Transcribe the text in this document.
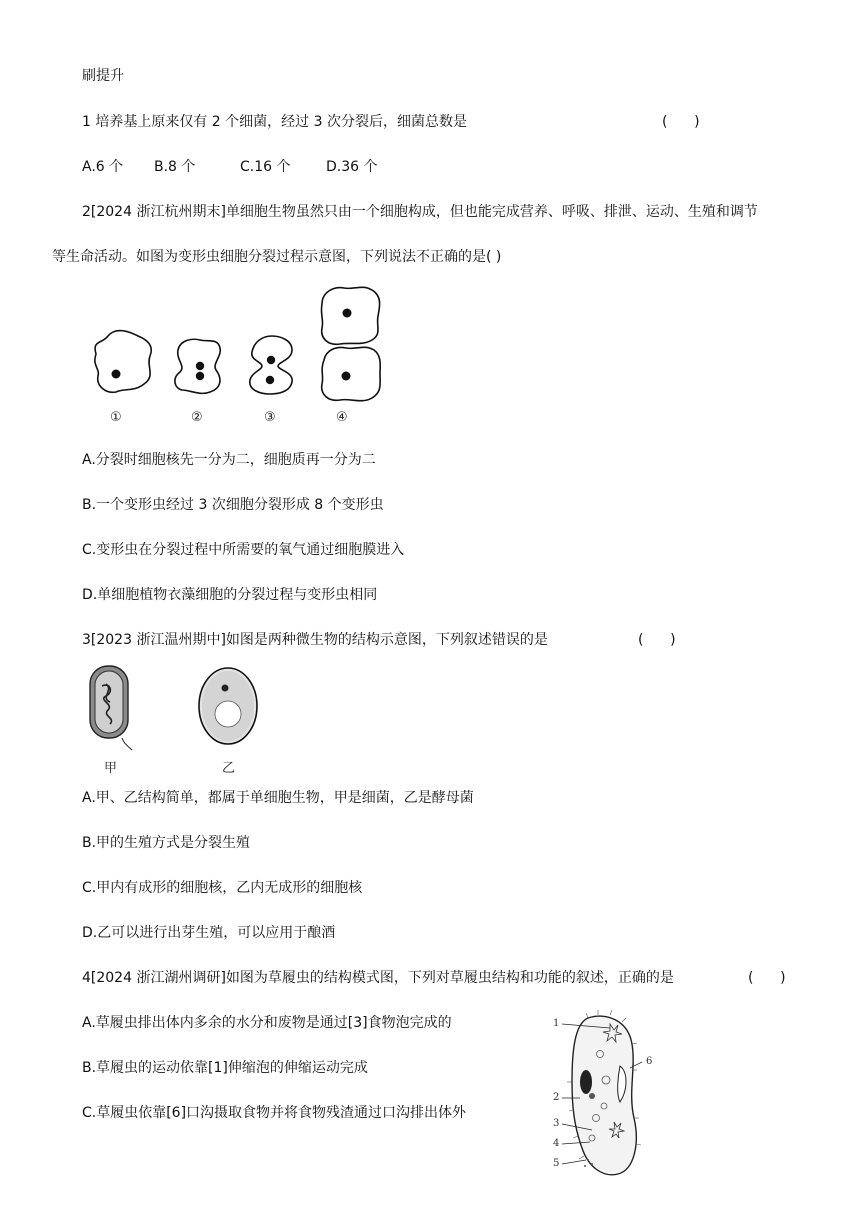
刷提升
1 培养基上原来仅有 2 个细菌，经过 3 次分裂后，细菌总数是	(      )
A.6 个 B.8 个	C.16 个	D.36 个
2[2024 浙江杭州期末]单细胞生物虽然只由一个细胞构成，但也能完成营养、呼吸、排泄、运动、生殖和调节
等生命活动。如图为变形虫细胞分裂过程示意图，下列说法不正确的是( )
①	②	③	④
A.分裂时细胞核先一分为二，细胞质再一分为二
B.一个变形虫经过 3 次细胞分裂形成 8 个变形虫
C.变形虫在分裂过程中所需要的氧气通过细胞膜进入
D.单细胞植物衣藻细胞的分裂过程与变形虫相同
3[2023 浙江温州期中]如图是两种微生物的结构示意图，下列叙述错误的是	(      )
甲	乙
A.甲、乙结构简单，都属于单细胞生物，甲是细菌，乙是酵母菌
B.甲的生殖方式是分裂生殖
C.甲内有成形的细胞核，乙内无成形的细胞核
D.乙可以进行出芽生殖，可以应用于酿酒
4[2024 浙江湖州调研]如图为草履虫的结构模式图，下列对草履虫结构和功能的叙述，正确的是	(      )
A.草履虫排出体内多余的水分和废物是通过[3]食物泡完成的
B.草履虫的运动依靠[1]伸缩泡的伸缩运动完成
C.草履虫依靠[6]口沟摄取食物并将食物残渣通过口沟排出体外
1
2
3
4
5
6
